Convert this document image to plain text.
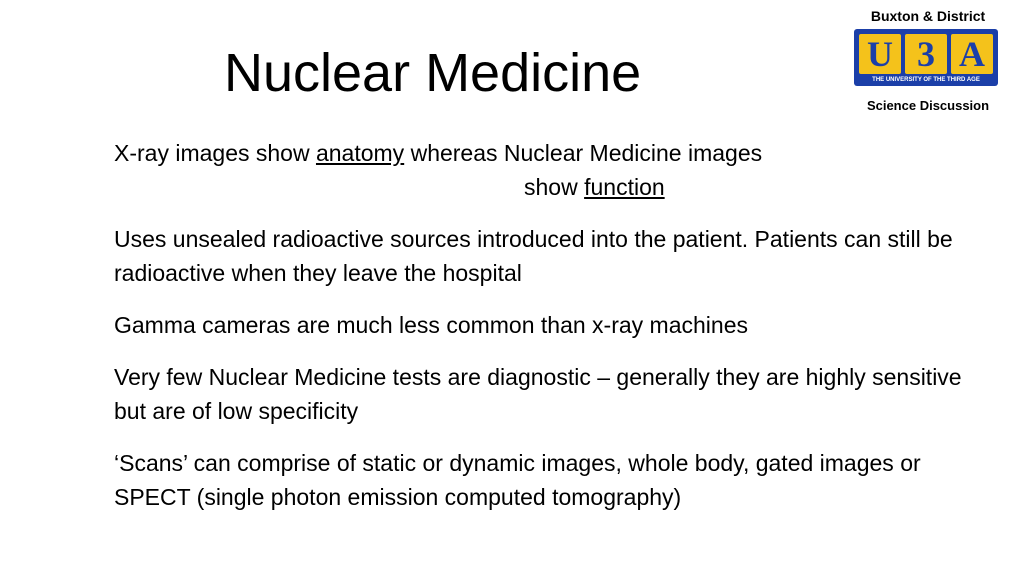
Nuclear Medicine
Buxton & District
U 3 A
THE UNIVERSITY OF THE THIRD AGE
Science Discussion
X-ray images show anatomy whereas Nuclear Medicine images
show function
Uses unsealed radioactive sources introduced into the patient. Patients can still be radioactive when they leave the hospital
Gamma cameras are much less common than x-ray machines
Very few Nuclear Medicine tests are diagnostic – generally they are highly sensitive but are of low specificity
‘Scans’ can comprise of static or dynamic images, whole body, gated images or SPECT (single photon emission computed tomography)
